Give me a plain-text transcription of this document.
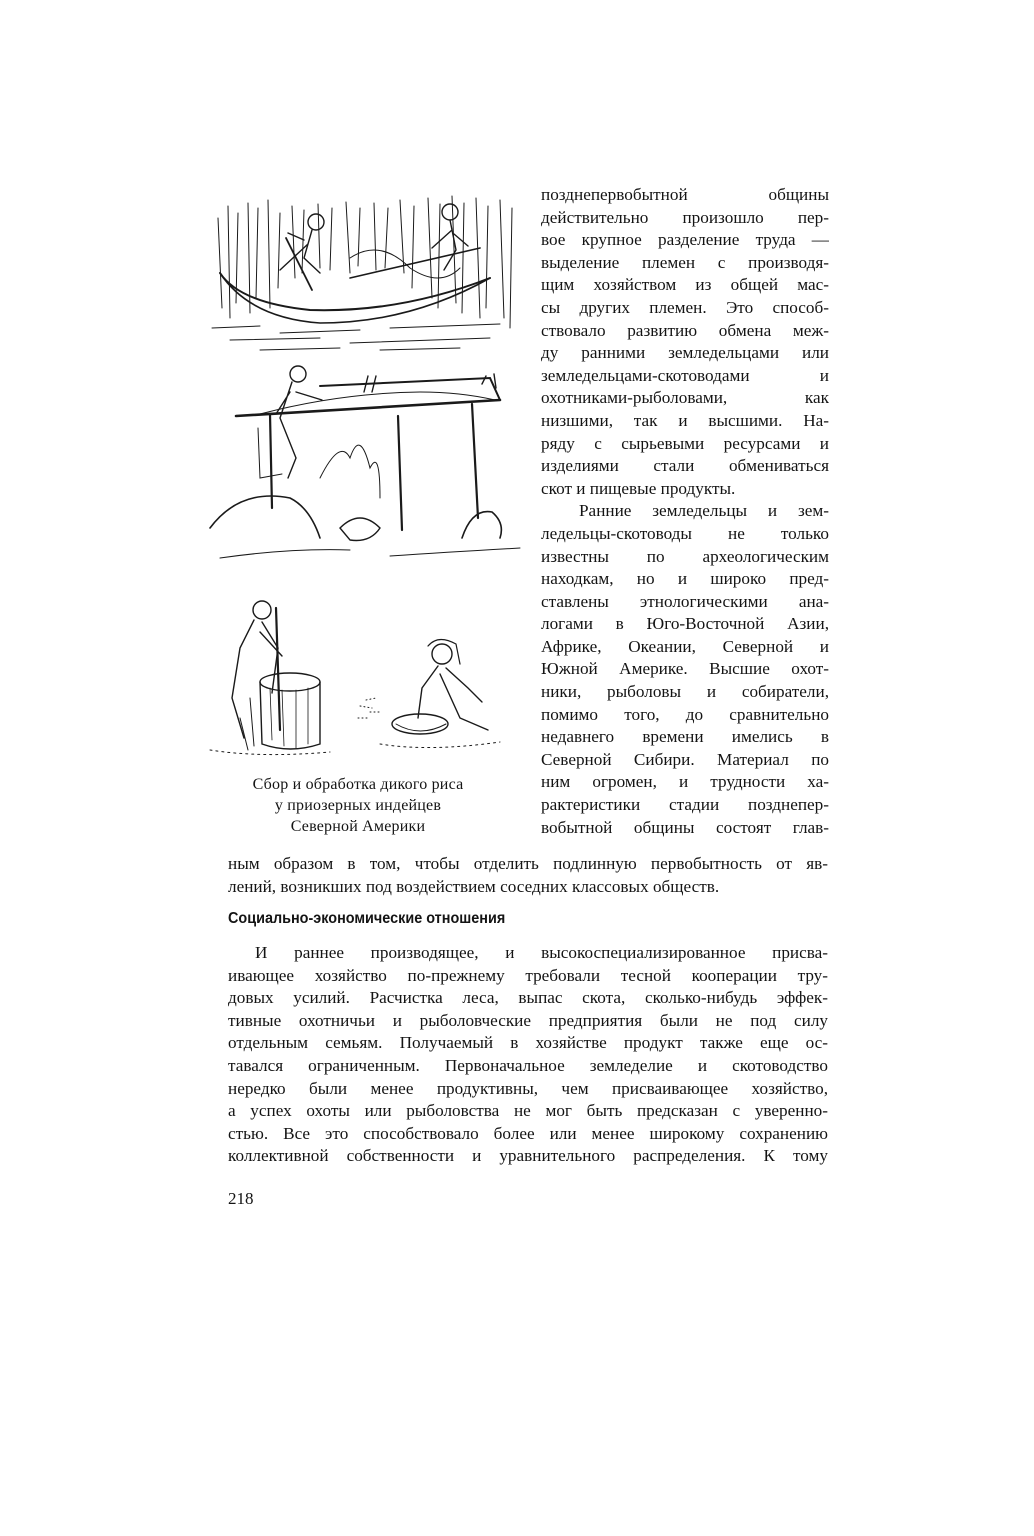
Сбор и обработка дикого риса
у приозерных индейцев
Северной Америки
позднепервобытной общины
действительно произошло пер-
вое крупное разделение труда —
выделение племен с производя-
щим хозяйством из общей мас-
сы других племен. Это способ-
ствовало развитию обмена меж-
ду ранними земледельцами или
земледельцами-скотоводами и
охотниками-рыболовами, как
низшими, так и высшими. На-
ряду с сырьевыми ресурсами и
изделиями стали обмениваться
скот и пищевые продукты.
Ранние земледельцы и зем-
ледельцы-скотоводы не только
известны по археологическим
находкам, но и широко пред-
ставлены этнологическими ана-
логами в Юго-Восточной Азии,
Африке, Океании, Северной и
Южной Америке. Высшие охот-
ники, рыболовы и собиратели,
помимо того, до сравнительно
недавнего времени имелись в
Северной Сибири. Материал по
ним огромен, и трудности ха-
рактеристики стадии позднепер-
вобытной общины состоят глав-
ным образом в том, чтобы отделить подлинную первобытность от яв-
лений, возникших под воздействием соседних классовых обществ.
Социально-экономические отношения
И раннее производящее, и высокоспециализированное присва-
ивающее хозяйство по-прежнему требовали тесной кооперации тру-
довых усилий. Расчистка леса, выпас скота, сколько-нибудь эффек-
тивные охотничьи и рыболовческие предприятия были не под силу
отдельным семьям. Получаемый в хозяйстве продукт также еще ос-
тавался ограниченным. Первоначальное земледелие и скотоводство
нередко были менее продуктивны, чем присваивающее хозяйство,
а успех охоты или рыболовства не мог быть предсказан с уверенно-
стью. Все это способствовало более или менее широкому сохранению
коллективной собственности и уравнительного распределения. К тому
218
